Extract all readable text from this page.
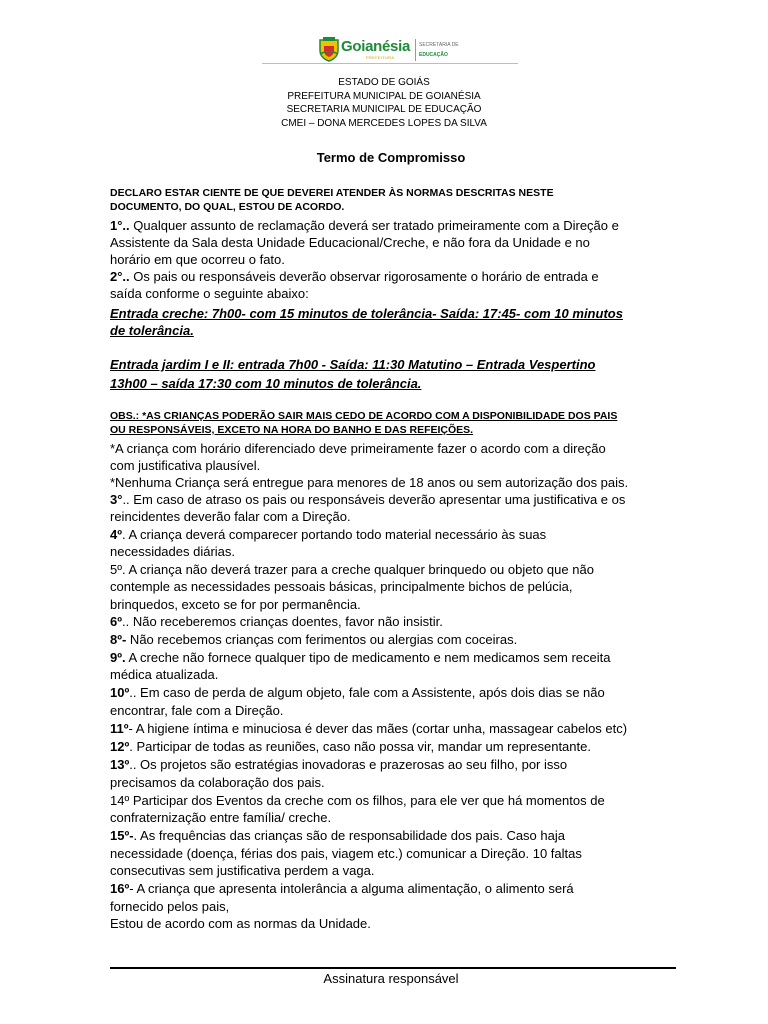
Goianésia
PREFEITURA
SECRETARIA DE
EDUCAÇÃO
ESTADO DE GOIÁS
PREFEITURA MUNICIPAL DE GOIANÉSIA
SECRETARIA MUNICIPAL DE EDUCAÇÃO
CMEI – DONA MERCEDES LOPES DA SILVA
Termo de Compromisso
DECLARO ESTAR CIENTE DE QUE DEVEREI ATENDER ÀS NORMAS DESCRITAS NESTE
DOCUMENTO, DO QUAL, ESTOU DE ACORDO.
1°.. Qualquer assunto de reclamação deverá ser tratado primeiramente com a Direção e
Assistente da Sala desta Unidade Educacional/Creche, e não fora da Unidade e no
horário em que ocorreu o fato.
2°.. Os pais ou responsáveis deverão observar rigorosamente o horário de entrada e
saída conforme o seguinte abaixo:
Entrada creche: 7h00- com 15 minutos de tolerância- Saída: 17:45- com 10 minutos
de tolerância.
Entrada jardim I e II: entrada 7h00 - Saída: 11:30 Matutino – Entrada Vespertino
13h00 – saída 17:30 com 10 minutos de tolerância.
OBS.: *AS CRIANÇAS PODERÃO SAIR MAIS CEDO DE ACORDO COM A DISPONIBILIDADE DOS PAIS
OU RESPONSÁVEIS, EXCETO NA HORA DO BANHO E DAS REFEIÇÕES.
*A criança com horário diferenciado deve primeiramente fazer o acordo com a direção
com justificativa plausível.
*Nenhuma Criança será entregue para menores de 18 anos ou sem autorização dos pais.
3°.. Em caso de atraso os pais ou responsáveis deverão apresentar uma justificativa e os
reincidentes deverão falar com a Direção.
4º. A criança deverá comparecer portando todo material necessário às suas
necessidades diárias.
5º. A criança não deverá trazer para a creche qualquer brinquedo ou objeto que não
contemple as necessidades pessoais básicas, principalmente bichos de pelúcia,
brinquedos, exceto se for por permanência.
6º.. Não receberemos crianças doentes, favor não insistir.
8º- Não recebemos crianças com ferimentos ou alergias com coceiras.
9º. A creche não fornece qualquer tipo de medicamento e nem medicamos sem receita
médica atualizada.
10º.. Em caso de perda de algum objeto, fale com a Assistente, após dois dias se não
encontrar, fale com a Direção.
11º- A higiene íntima e minuciosa é dever das mães (cortar unha, massagear cabelos etc)
12º. Participar de todas as reuniões, caso não possa vir, mandar um representante.
13º.. Os projetos são estratégias inovadoras e prazerosas ao seu filho, por isso
precisamos da colaboração dos pais.
14º Participar dos Eventos da creche com os filhos, para ele ver que há momentos de
confraternização entre família/ creche.
15º-. As frequências das crianças são de responsabilidade dos pais. Caso haja
necessidade (doença, férias dos pais, viagem etc.) comunicar a Direção. 10 faltas
consecutivas sem justificativa perdem a vaga.
16º- A criança que apresenta intolerância a alguma alimentação, o alimento será
fornecido pelos pais,
Estou de acordo com as normas da Unidade.
Assinatura responsável
